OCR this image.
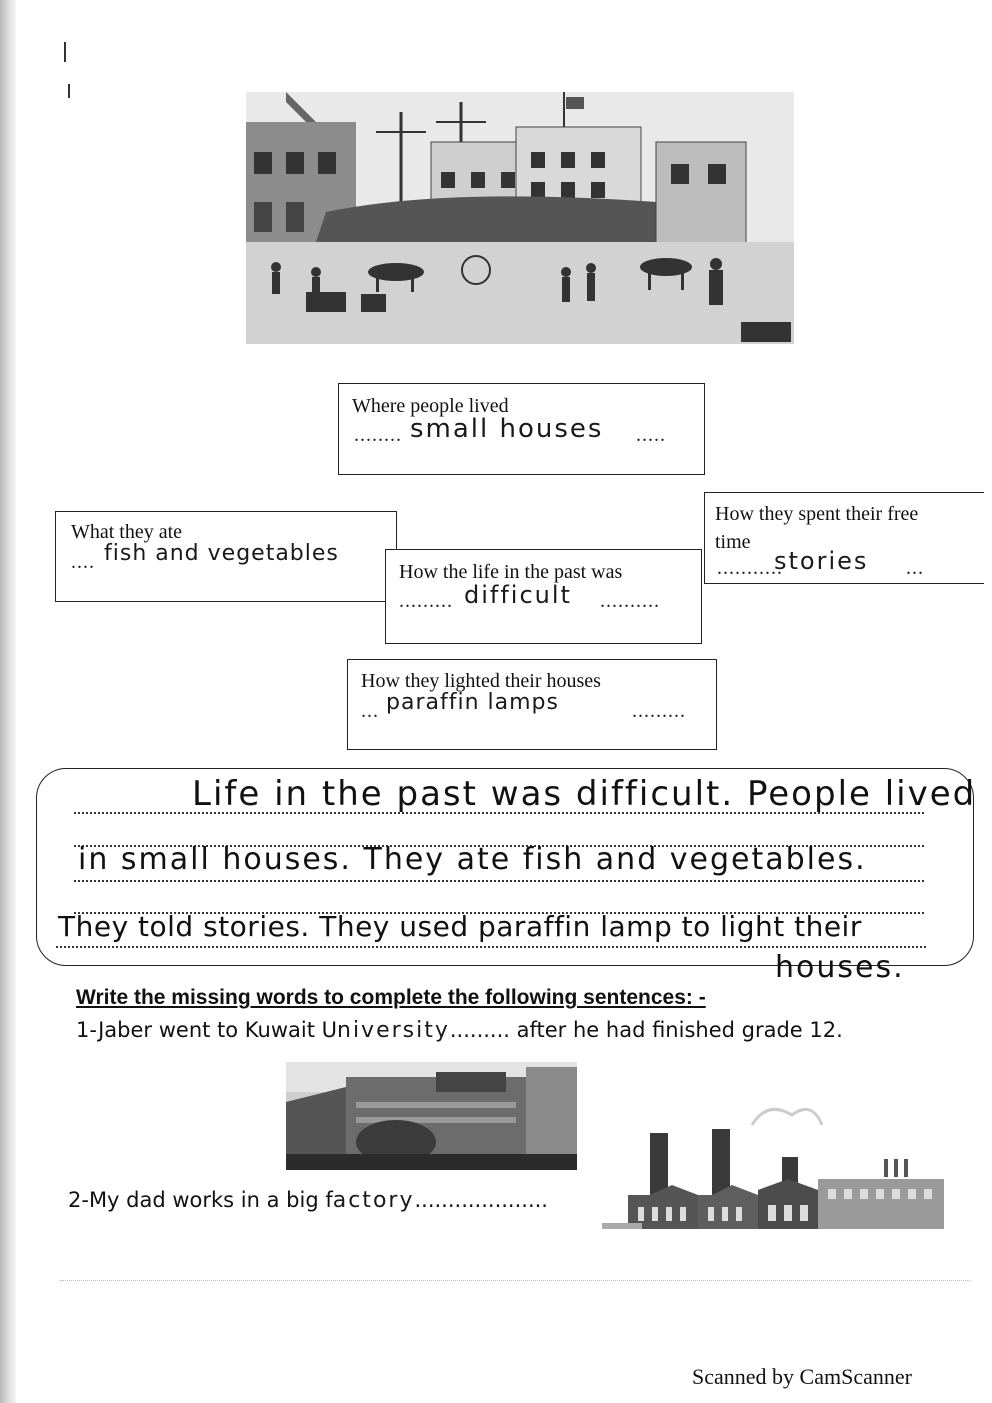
Where people lived
........ small houses .....
What they ate
.... fish and vegetables
How they spent their free
time
...........
stories ...
How the life in the past was
......... difficult ..........
How they lighted their houses
... paraffin lamps	.........
Life in the past was difficult. People lived
in small houses. They ate fish and vegetables.
They told stories. They used paraffin lamp to light their
houses.
Write the missing words to complete the following sentences: -
1-Jaber went to Kuwait University......... after he had finished grade 12.
2-My dad works in a big factory....................
Scanned by CamScanner
